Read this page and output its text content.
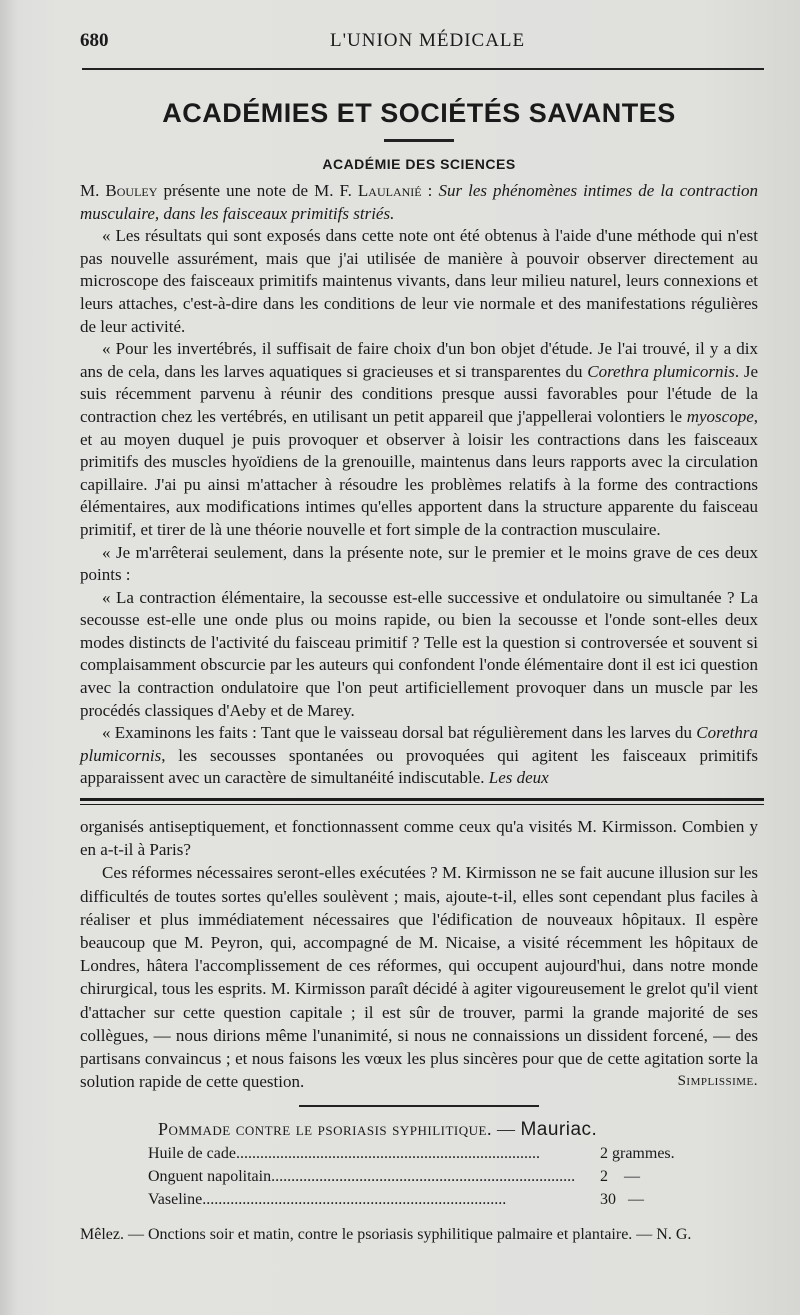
680	L'UNION MÉDICALE
ACADÉMIES ET SOCIÉTÉS SAVANTES
ACADÉMIE DES SCIENCES

M. Bouley présente une note de M. F. Laulanié : Sur les phénomènes intimes de la contraction musculaire, dans les faisceaux primitifs striés.

« Les résultats qui sont exposés dans cette note ont été obtenus à l'aide d'une méthode qui n'est pas nouvelle assurément, mais que j'ai utilisée de manière à pouvoir observer directement au microscope des faisceaux primitifs maintenus vivants, dans leur milieu naturel, leurs connexions et leurs attaches, c'est-à-dire dans les conditions de leur vie normale et des manifestations régulières de leur activité.

« Pour les invertébrés, il suffisait de faire choix d'un bon objet d'étude. Je l'ai trouvé, il y a dix ans de cela, dans les larves aquatiques si gracieuses et si transparentes du Corethra plumicornis. Je suis récemment parvenu à réunir des conditions presque aussi favorables pour l'étude de la contraction chez les vertébrés, en utilisant un petit appareil que j'appellerai volontiers le myoscope, et au moyen duquel je puis provoquer et observer à loisir les contractions dans les faisceaux primitifs des muscles hyoïdiens de la grenouille, maintenus dans leurs rapports avec la circulation capillaire. J'ai pu ainsi m'attacher à résoudre les problèmes relatifs à la forme des contractions élémentaires, aux modifications intimes qu'elles apportent dans la structure apparente du faisceau primitif, et tirer de là une théorie nouvelle et fort simple de la contraction musculaire.

« Je m'arrêterai seulement, dans la présente note, sur le premier et le moins grave de ces deux points :

« La contraction élémentaire, la secousse est-elle successive et ondulatoire ou simultanée ? La secousse est-elle une onde plus ou moins rapide, ou bien la secousse et l'onde sont-elles deux modes distincts de l'activité du faisceau primitif ? Telle est la question si controversée et souvent si complaisamment obscurcie par les auteurs qui confondent l'onde élémentaire dont il est ici question avec la contraction ondulatoire que l'on peut artificiellement provoquer dans un muscle par les procédés classiques d'Aeby et de Marey.

« Examinons les faits : Tant que le vaisseau dorsal bat régulièrement dans les larves du Corethra plumicornis, les secousses spontanées ou provoquées qui agitent les faisceaux primitifs apparaissent avec un caractère de simultanéité indiscutable. Les deux

organisés antiseptiquement, et fonctionnassent comme ceux qu'a visités M. Kirmisson. Combien y en a-t-il à Paris?

Ces réformes nécessaires seront-elles exécutées ? M. Kirmisson ne se fait aucune illusion sur les difficultés de toutes sortes qu'elles soulèvent ; mais, ajoute-t-il, elles sont cependant plus faciles à réaliser et plus immédiatement nécessaires que l'édification de nouveaux hôpitaux. Il espère beaucoup que M. Peyron, qui, accompagné de M. Nicaise, a visité récemment les hôpitaux de Londres, hâtera l'accomplissement de ces réformes, qui occupent aujourd'hui, dans notre monde chirurgical, tous les esprits. M. Kirmisson paraît décidé à agiter vigoureusement le grelot qu'il vient d'attacher sur cette question capitale ; il est sûr de trouver, parmi la grande majorité de ses collègues, — nous dirions même l'unanimité, si nous ne connaissions un dissident forcené, — des partisans convaincus ; et nous faisons les vœux les plus sincères pour que de cette agitation sorte la solution rapide de cette question.	Simplissime.

Pommade contre le psoriasis syphilitique. — Mauriac.
Huile de cade............................................................................	2 grammes.
Onguent napolitain............................................................................	2    —
Vaseline............................................................................	30   —

Mêlez. — Onctions soir et matin, contre le psoriasis syphilitique palmaire et plantaire. — N. G.
